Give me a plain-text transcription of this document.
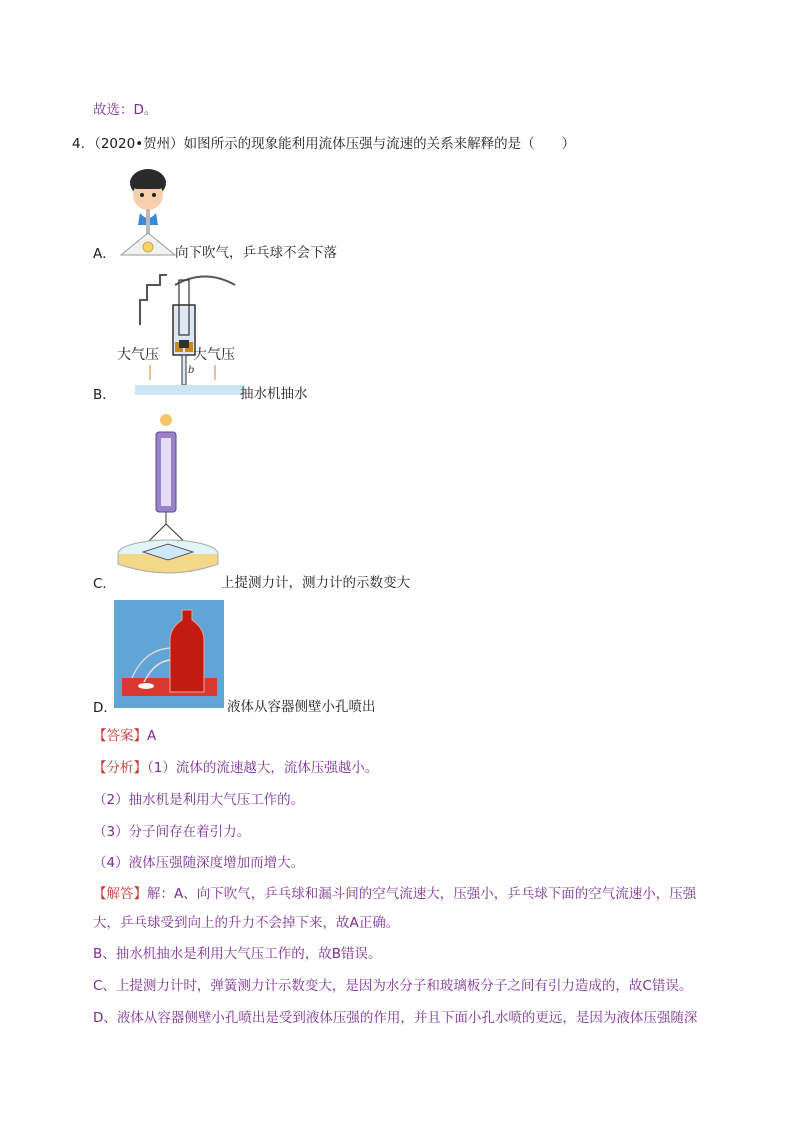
故选：D。
4．（2020•贺州）如图所示的现象能利用流体压强与流速的关系来解释的是（　　）
A．	向下吹气，乒乓球不会下落
b
大气压 大气压
B．	抽水机抽水
C．	上提测力计，测力计的示数变大
D．	液体从容器侧壁小孔喷出
【答案】A
【分析】（1）流体的流速越大，流体压强越小。
（2）抽水机是利用大气压工作的。
（3）分子间存在着引力。
（4）液体压强随深度增加而增大。
【解答】解：A、向下吹气，乒乓球和漏斗间的空气流速大，压强小，乒乓球下面的空气流速小，压强
大，乒乓球受到向上的升力不会掉下来，故A正确。
B、抽水机抽水是利用大气压工作的，故B错误。
C、上提测力计时，弹簧测力计示数变大，是因为水分子和玻璃板分子之间有引力造成的，故C错误。
D、液体从容器侧壁小孔喷出是受到液体压强的作用，并且下面小孔水喷的更远，是因为液体压强随深
